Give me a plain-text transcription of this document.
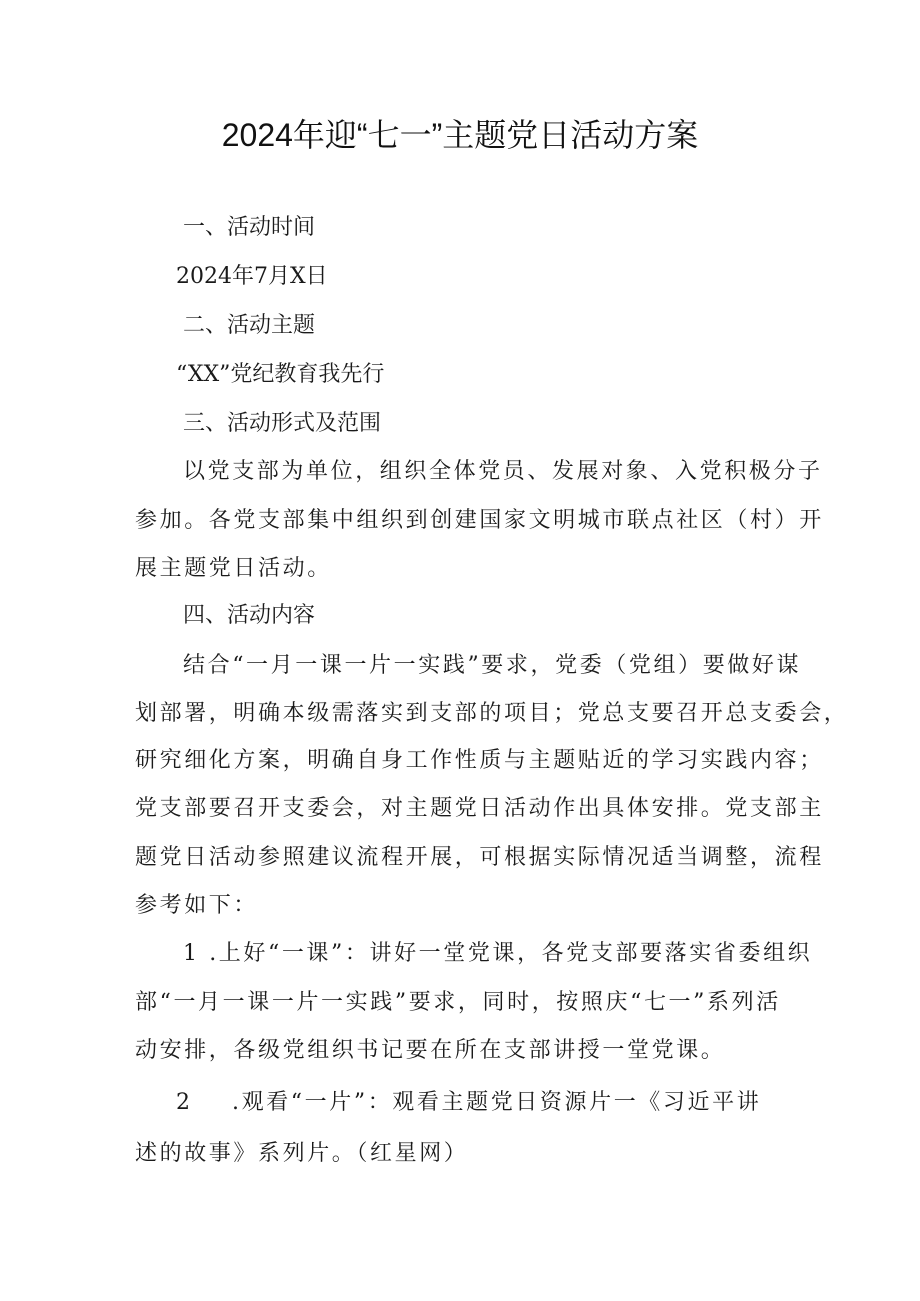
2024年迎“七一”主题党日活动方案
一、活动时间
2024年7月X日
二、活动主题
“XX”党纪教育我先行
三、活动形式及范围
以党支部为单位，组织全体党员、发展对象、入党积极分子
参加。各党支部集中组织到创建国家文明城市联点社区（村）开
展主题党日活动。
四、活动内容
结合“一月一课一片一实践”要求，党委（党组）要做好谋
划部署，明确本级需落实到支部的项目；党总支要召开总支委会，
研究细化方案，明确自身工作性质与主题贴近的学习实践内容；
党支部要召开支委会，对主题党日活动作出具体安排。党支部主
题党日活动参照建议流程开展，可根据实际情况适当调整，流程
参考如下：
1 .上好“一课”：讲好一堂党课，各党支部要落实省委组织
部“一月一课一片一实践”要求，同时，按照庆“七一”系列活
动安排，各级党组织书记要在所在支部讲授一堂党课。
2 .观看“一片”：观看主题党日资源片一《习近平讲
述的故事》系列片。（红星网）
